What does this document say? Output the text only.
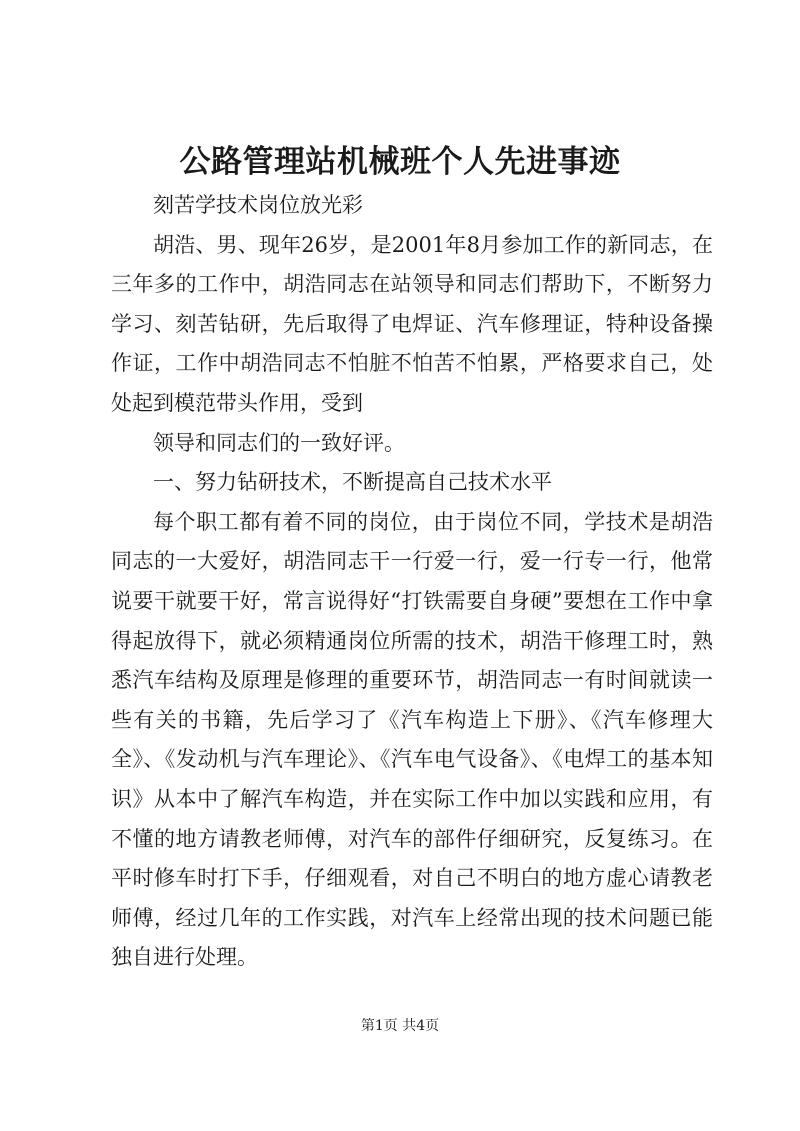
公路管理站机械班个人先进事迹

刻苦学技术岗位放光彩

胡浩、男、现年26岁，是2001年8月参加工作的新同志，在三年多的工作中，胡浩同志在站领导和同志们帮助下，不断努力学习、刻苦钻研，先后取得了电焊证、汽车修理证，特种设备操作证，工作中胡浩同志不怕脏不怕苦不怕累，严格要求自己，处处起到模范带头作用，受到

领导和同志们的一致好评。

一、努力钻研技术，不断提高自己技术水平

每个职工都有着不同的岗位，由于岗位不同，学技术是胡浩同志的一大爱好，胡浩同志干一行爱一行，爱一行专一行，他常说要干就要干好，常言说得好“打铁需要自身硬”要想在工作中拿得起放得下，就必须精通岗位所需的技术，胡浩干修理工时，熟悉汽车结构及原理是修理的重要环节，胡浩同志一有时间就读一些有关的书籍，先后学习了《汽车构造上下册》、《汽车修理大全》、《发动机与汽车理论》、《汽车电气设备》、《电焊工的基本知识》从本中了解汽车构造，并在实际工作中加以实践和应用，有不懂的地方请教老师傅，对汽车的部件仔细研究，反复练习。在平时修车时打下手，仔细观看，对自己不明白的地方虚心请教老师傅，经过几年的工作实践，对汽车上经常出现的技术问题已能独自进行处理。

第1页 共4页
